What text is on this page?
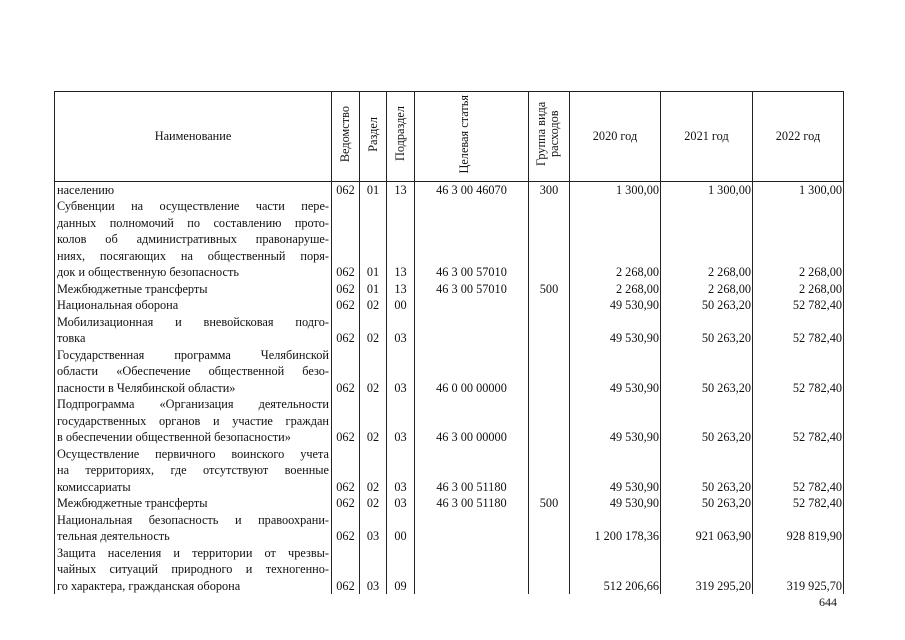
Наименование	Ведомство	Раздел	Подраздел	Целевая статья	Группа вида расходов	2020 год	2021 год	2022 год

населению	062	01	13	46 3 00 46070	300	1 300,00	1 300,00	1 300,00

Субвенции на осуществление части пере-
данных полномочий по составлению прото-
колов об административных правонаруше-
ниях, посягающих на общественный поря-
док и общественную безопасность	062	01	13	46 3 00 57010		2 268,00	2 268,00	2 268,00

Межбюджетные трансферты	062	01	13	46 3 00 57010	500	2 268,00	2 268,00	2 268,00

Национальная оборона	062	02	00			49 530,90	50 263,20	52 782,40

Мобилизационная и вневойсковая подго-
товка	062	02	03			49 530,90	50 263,20	52 782,40

Государственная программа Челябинской
области «Обеспечение общественной безо-
пасности в Челябинской области»	062	02	03	46 0 00 00000		49 530,90	50 263,20	52 782,40

Подпрограмма «Организация деятельности
государственных органов и участие граждан
в обеспечении общественной безопасности»	062	02	03	46 3 00 00000		49 530,90	50 263,20	52 782,40

Осуществление первичного воинского учета
на территориях, где отсутствуют военные
комиссариаты	062	02	03	46 3 00 51180		49 530,90	50 263,20	52 782,40

Межбюджетные трансферты	062	02	03	46 3 00 51180	500	49 530,90	50 263,20	52 782,40

Национальная безопасность и правоохрани-
тельная деятельность	062	03	00			1 200 178,36	921 063,90	928 819,90

Защита населения и территории от чрезвы-
чайных ситуаций природного и техногенно-
го характера, гражданская оборона	062	03	09			512 206,66	319 295,20	319 925,70
644
